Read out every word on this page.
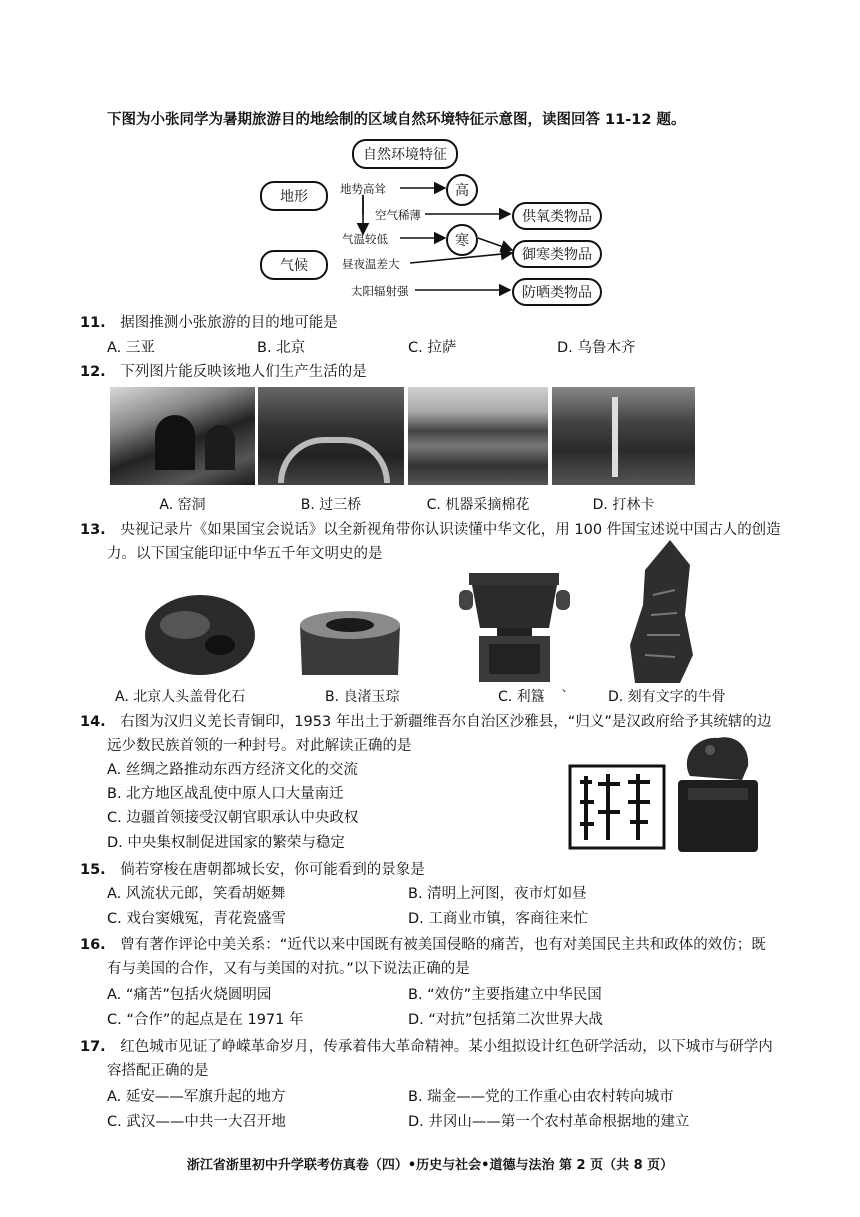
下图为小张同学为暑期旅游目的地绘制的区域自然环境特征示意图，读图回答 11-12 题。
自然环境特征
地形
气候
地势高耸
空气稀薄
气温较低
昼夜温差大
太阳辐射强
高
寒
供氧类物品
御寒类物品
防晒类物品
11. 据图推测小张旅游的目的地可能是
A. 三亚	B. 北京	C. 拉萨	D. 乌鲁木齐
12. 下列图片能反映该地人们生产生活的是
A. 窑洞	B. 过三桥	C. 机器采摘棉花	D. 打林卡
13. 央视记录片《如果国宝会说话》以全新视角带你认识读懂中华文化，用 100 件国宝述说中国古人的创造
力。以下国宝能印证中华五千年文明史的是
A. 北京人头盖骨化石	B. 良渚玉琮	C. 利簋 `	D. 刻有文字的牛骨
14. 右图为汉归义羌长青铜印，1953 年出土于新疆维吾尔自治区沙雅县，“归义”是汉政府给予其统辖的边
远少数民族首领的一种封号。对此解读正确的是
A. 丝绸之路推动东西方经济文化的交流
B. 北方地区战乱使中原人口大量南迁
C. 边疆首领接受汉朝官职承认中央政权
D. 中央集权制促进国家的繁荣与稳定
15. 倘若穿梭在唐朝都城长安，你可能看到的景象是
A. 风流状元郎，笑看胡姬舞	B. 清明上河图，夜市灯如昼
C. 戏台窦娥冤，青花瓷盛雪	D. 工商业市镇，客商往来忙
16. 曾有著作评论中美关系：“近代以来中国既有被美国侵略的痛苦，也有对美国民主共和政体的效仿；既
有与美国的合作，又有与美国的对抗。”以下说法正确的是
A. “痛苦”包括火烧圆明园	B. “效仿”主要指建立中华民国
C. “合作”的起点是在 1971 年	D. “对抗”包括第二次世界大战
17. 红色城市见证了峥嵘革命岁月，传承着伟大革命精神。某小组拟设计红色研学活动，以下城市与研学内
容搭配正确的是
A. 延安——军旗升起的地方	B. 瑞金——党的工作重心由农村转向城市
C. 武汉——中共一大召开地	D. 井冈山——第一个农村革命根据地的建立
浙江省浙里初中升学联考仿真卷（四）•历史与社会•道德与法治 第 2 页（共 8 页）
